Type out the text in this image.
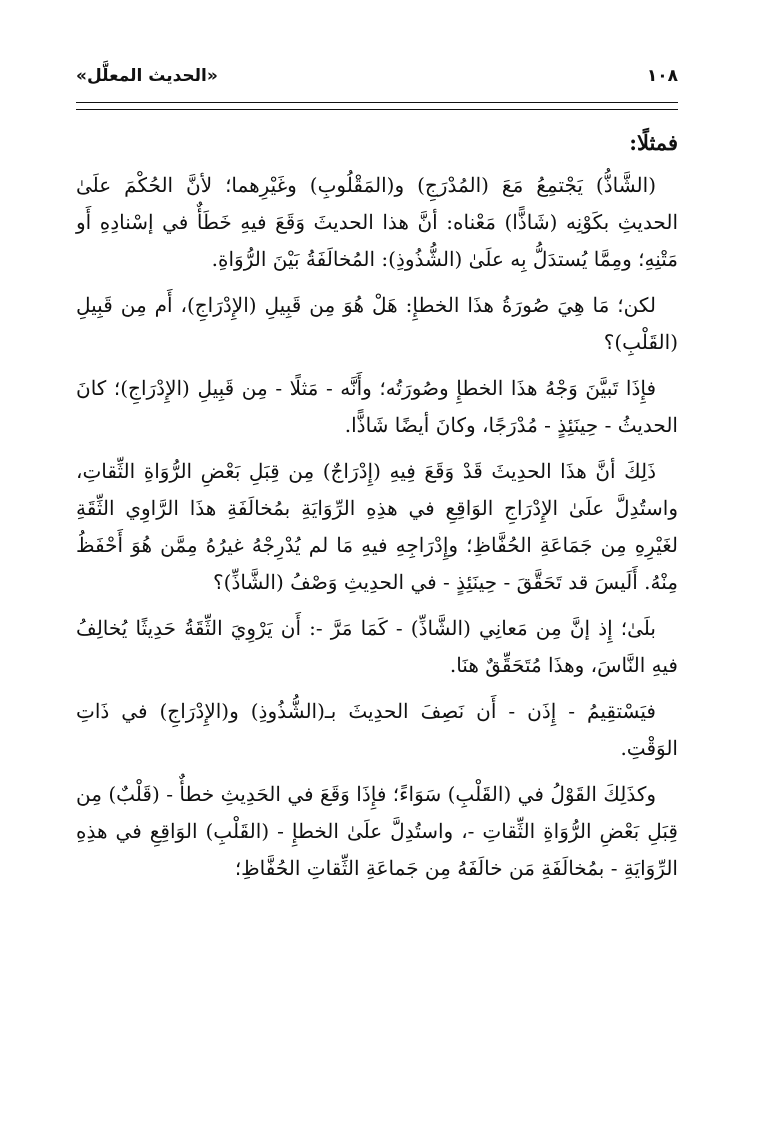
«الحديث المعلَّل»	١٠٨
فمثلًا:

(الشَّاذُّ) يَجْتمِعُ مَعَ (المُدْرَجِ) و(المَقْلُوبِ) وغَيْرِهما؛ لأنَّ الحُكْمَ علَىٰ الحديثِ بكَوْنِه (شَاذًّا) مَعْناه: أنَّ هذا الحديثَ وَقَعَ فيهِ خَطَأٌ في إسْنادِهِ أَو مَتْنِهِ؛ ومِمَّا يُستدَلُّ بِه علَىٰ (الشُّذُوذِ): المُخالَفَةُ بَيْنَ الرُّوَاةِ.

لكن؛ مَا هِيَ صُورَةُ هذَا الخطإِ: هَلْ هُوَ مِن قَبِيلِ (الإِدْرَاجِ)، أَم مِن قَبِيلِ (القَلْبِ)؟

فإِذَا تَبيَّنَ وَجْهُ هذَا الخطإِ وصُورَتُه؛ وأَنَّه - مَثلًا - مِن قَبِيلِ (الإِدْرَاجِ)؛ كانَ الحديثُ - حِينَئِذٍ - مُدْرَجًا، وكانَ أيضًا شَاذًّا.

ذَلِكَ أنَّ هذَا الحدِيثَ قَدْ وَقَعَ فِيهِ (إِدْرَاجٌ) مِن قِبَلِ بَعْضِ الرُّوَاةِ الثِّقاتِ، واستُدِلَّ علَىٰ الإِدْرَاجِ الوَاقِعِ في هذِهِ الرِّوَايَةِ بمُخالَفَةِ هذَا الرَّاوِي الثِّقَةِ لغَيْرِهِ مِن جَمَاعَةِ الحُفَّاظِ؛ وإِدْرَاجِهِ فيهِ مَا لم يُدْرِجْهُ غيرُهُ مِمَّن هُوَ أَحْفَظُ مِنْهُ. أَلَيسَ قد تَحَقَّقَ - حِينَئِذٍ - في الحدِيثِ وَصْفُ (الشَّاذِّ)؟

بلَىٰ؛ إِذ إنَّ مِن مَعانِي (الشَّاذِّ) - كَمَا مَرَّ -: أَن يَرْوِيَ الثِّقَةُ حَدِيثًا يُخالِفُ فيهِ النَّاسَ، وهذَا مُتَحَقِّقٌ هنَا.

فيَسْتقِيمُ - إِذَن - أَن نَصِفَ الحدِيثَ بـ(الشُّذُوذِ) و(الإِدْرَاجِ) في ذَاتِ الوَقْتِ.

وكذَلِكَ القَوْلُ في (القَلْبِ) سَوَاءً؛ فإِذَا وَقَعَ في الحَدِيثِ خطأٌ - (قَلْبٌ) مِن قِبَلِ بَعْضِ الرُّوَاةِ الثِّقاتِ -، واستُدِلَّ علَىٰ الخطإِ - (القَلْبِ) الوَاقِعِ في هذِهِ الرِّوَايَةِ - بمُخالَفَةِ مَن خالَفَهُ مِن جَماعَةِ الثِّقاتِ الحُفَّاظِ؛
